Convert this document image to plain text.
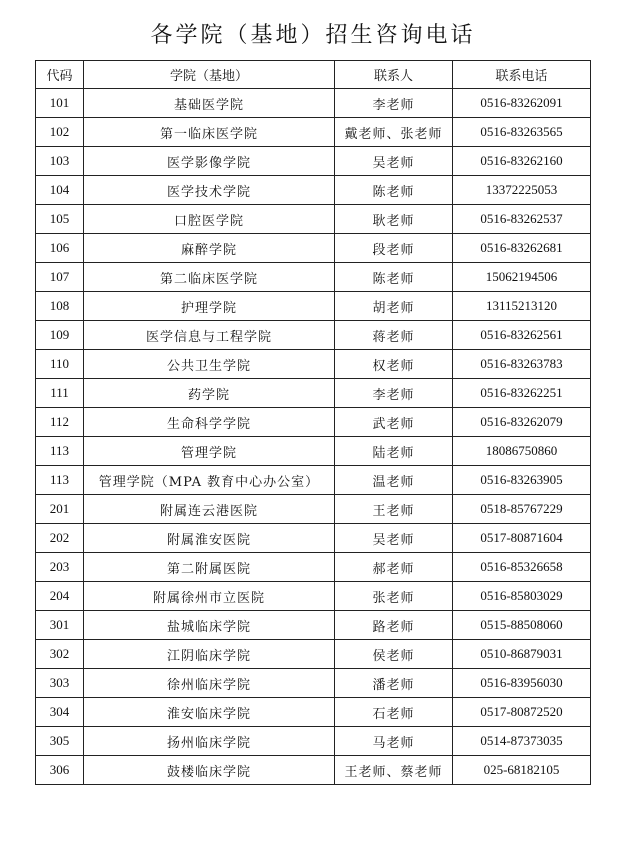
各学院（基地）招生咨询电话
代码	学院（基地）	联系人	联系电话
101	基础医学院	李老师	0516-83262091
102	第一临床医学院	戴老师、张老师	0516-83263565
103	医学影像学院	吴老师	0516-83262160
104	医学技术学院	陈老师	13372225053
105	口腔医学院	耿老师	0516-83262537
106	麻醉学院	段老师	0516-83262681
107	第二临床医学院	陈老师	15062194506
108	护理学院	胡老师	13115213120
109	医学信息与工程学院	蒋老师	0516-83262561
110	公共卫生学院	权老师	0516-83263783
111	药学院	李老师	0516-83262251
112	生命科学学院	武老师	0516-83262079
113	管理学院	陆老师	18086750860
113	管理学院（MPA 教育中心办公室）	温老师	0516-83263905
201	附属连云港医院	王老师	0518-85767229
202	附属淮安医院	吴老师	0517-80871604
203	第二附属医院	郝老师	0516-85326658
204	附属徐州市立医院	张老师	0516-85803029
301	盐城临床学院	路老师	0515-88508060
302	江阴临床学院	侯老师	0510-86879031
303	徐州临床学院	潘老师	0516-83956030
304	淮安临床学院	石老师	0517-80872520
305	扬州临床学院	马老师	0514-87373035
306	鼓楼临床学院	王老师、蔡老师	025-68182105
